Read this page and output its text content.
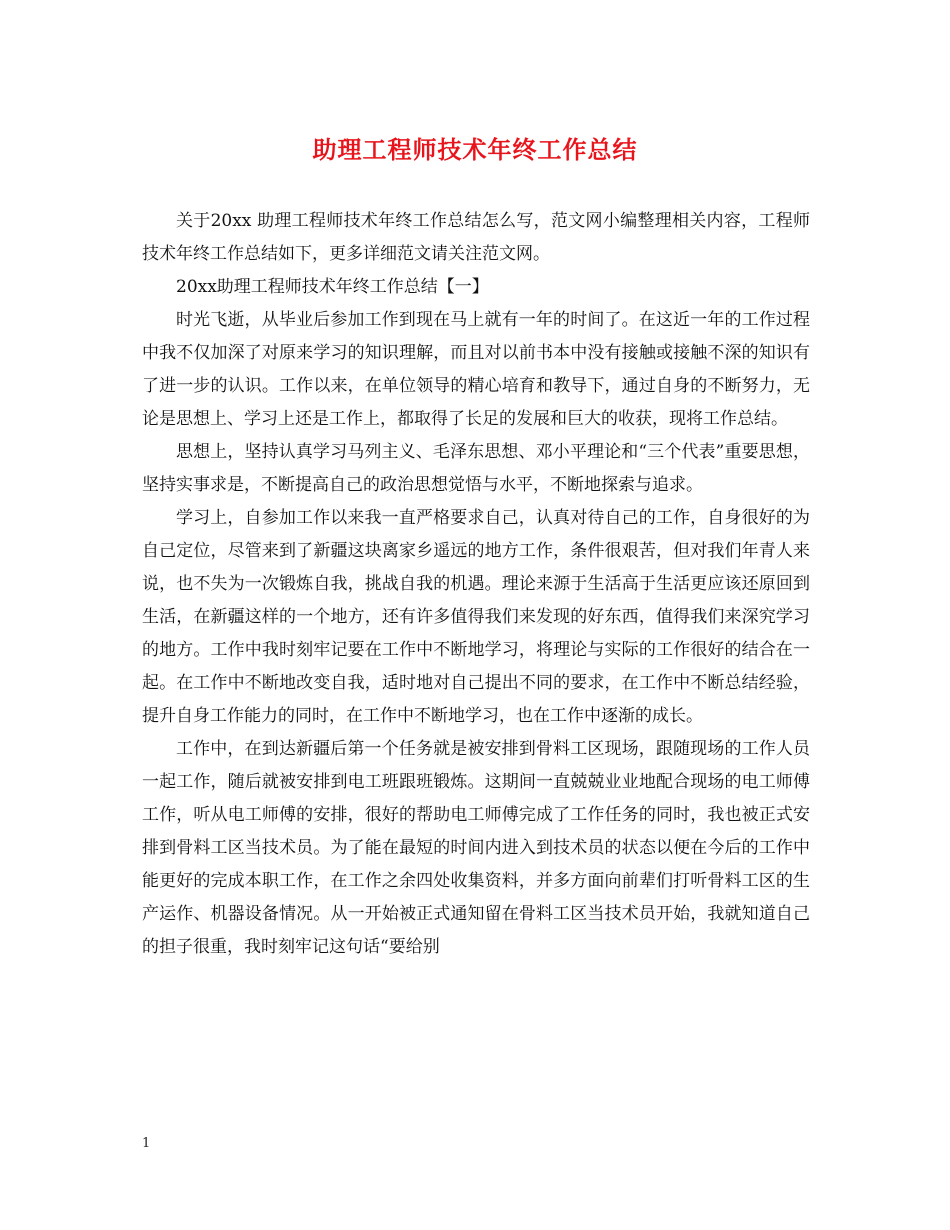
助理工程师技术年终工作总结

关于20xx 助理工程师技术年终工作总结怎么写，范文网小编整理相关内容，工程师技术年终工作总结如下，更多详细范文请关注范文网。

20xx助理工程师技术年终工作总结【一】

时光飞逝，从毕业后参加工作到现在马上就有一年的时间了。在这近一年的工作过程中我不仅加深了对原来学习的知识理解，而且对以前书本中没有接触或接触不深的知识有了进一步的认识。工作以来，在单位领导的精心培育和教导下，通过自身的不断努力，无论是思想上、学习上还是工作上，都取得了长足的发展和巨大的收获，现将工作总结。

思想上，坚持认真学习马列主义、毛泽东思想、邓小平理论和“三个代表”重要思想，坚持实事求是，不断提高自己的政治思想觉悟与水平，不断地探索与追求。

学习上，自参加工作以来我一直严格要求自己，认真对待自己的工作，自身很好的为自己定位，尽管来到了新疆这块离家乡遥远的地方工作，条件很艰苦，但对我们年青人来说，也不失为一次锻炼自我，挑战自我的机遇。理论来源于生活高于生活更应该还原回到生活，在新疆这样的一个地方，还有许多值得我们来发现的好东西，值得我们来深究学习的地方。工作中我时刻牢记要在工作中不断地学习，将理论与实际的工作很好的结合在一起。在工作中不断地改变自我，适时地对自己提出不同的要求，在工作中不断总结经验，提升自身工作能力的同时，在工作中不断地学习，也在工作中逐渐的成长。

工作中，在到达新疆后第一个任务就是被安排到骨料工区现场，跟随现场的工作人员一起工作，随后就被安排到电工班跟班锻炼。这期间一直兢兢业业地配合现场的电工师傅工作，听从电工师傅的安排，很好的帮助电工师傅完成了工作任务的同时，我也被正式安排到骨料工区当技术员。为了能在最短的时间内进入到技术员的状态以便在今后的工作中能更好的完成本职工作，在工作之余四处收集资料，并多方面向前辈们打听骨料工区的生产运作、机器设备情况。从一开始被正式通知留在骨料工区当技术员开始，我就知道自己的担子很重，我时刻牢记这句话“要给别

1
